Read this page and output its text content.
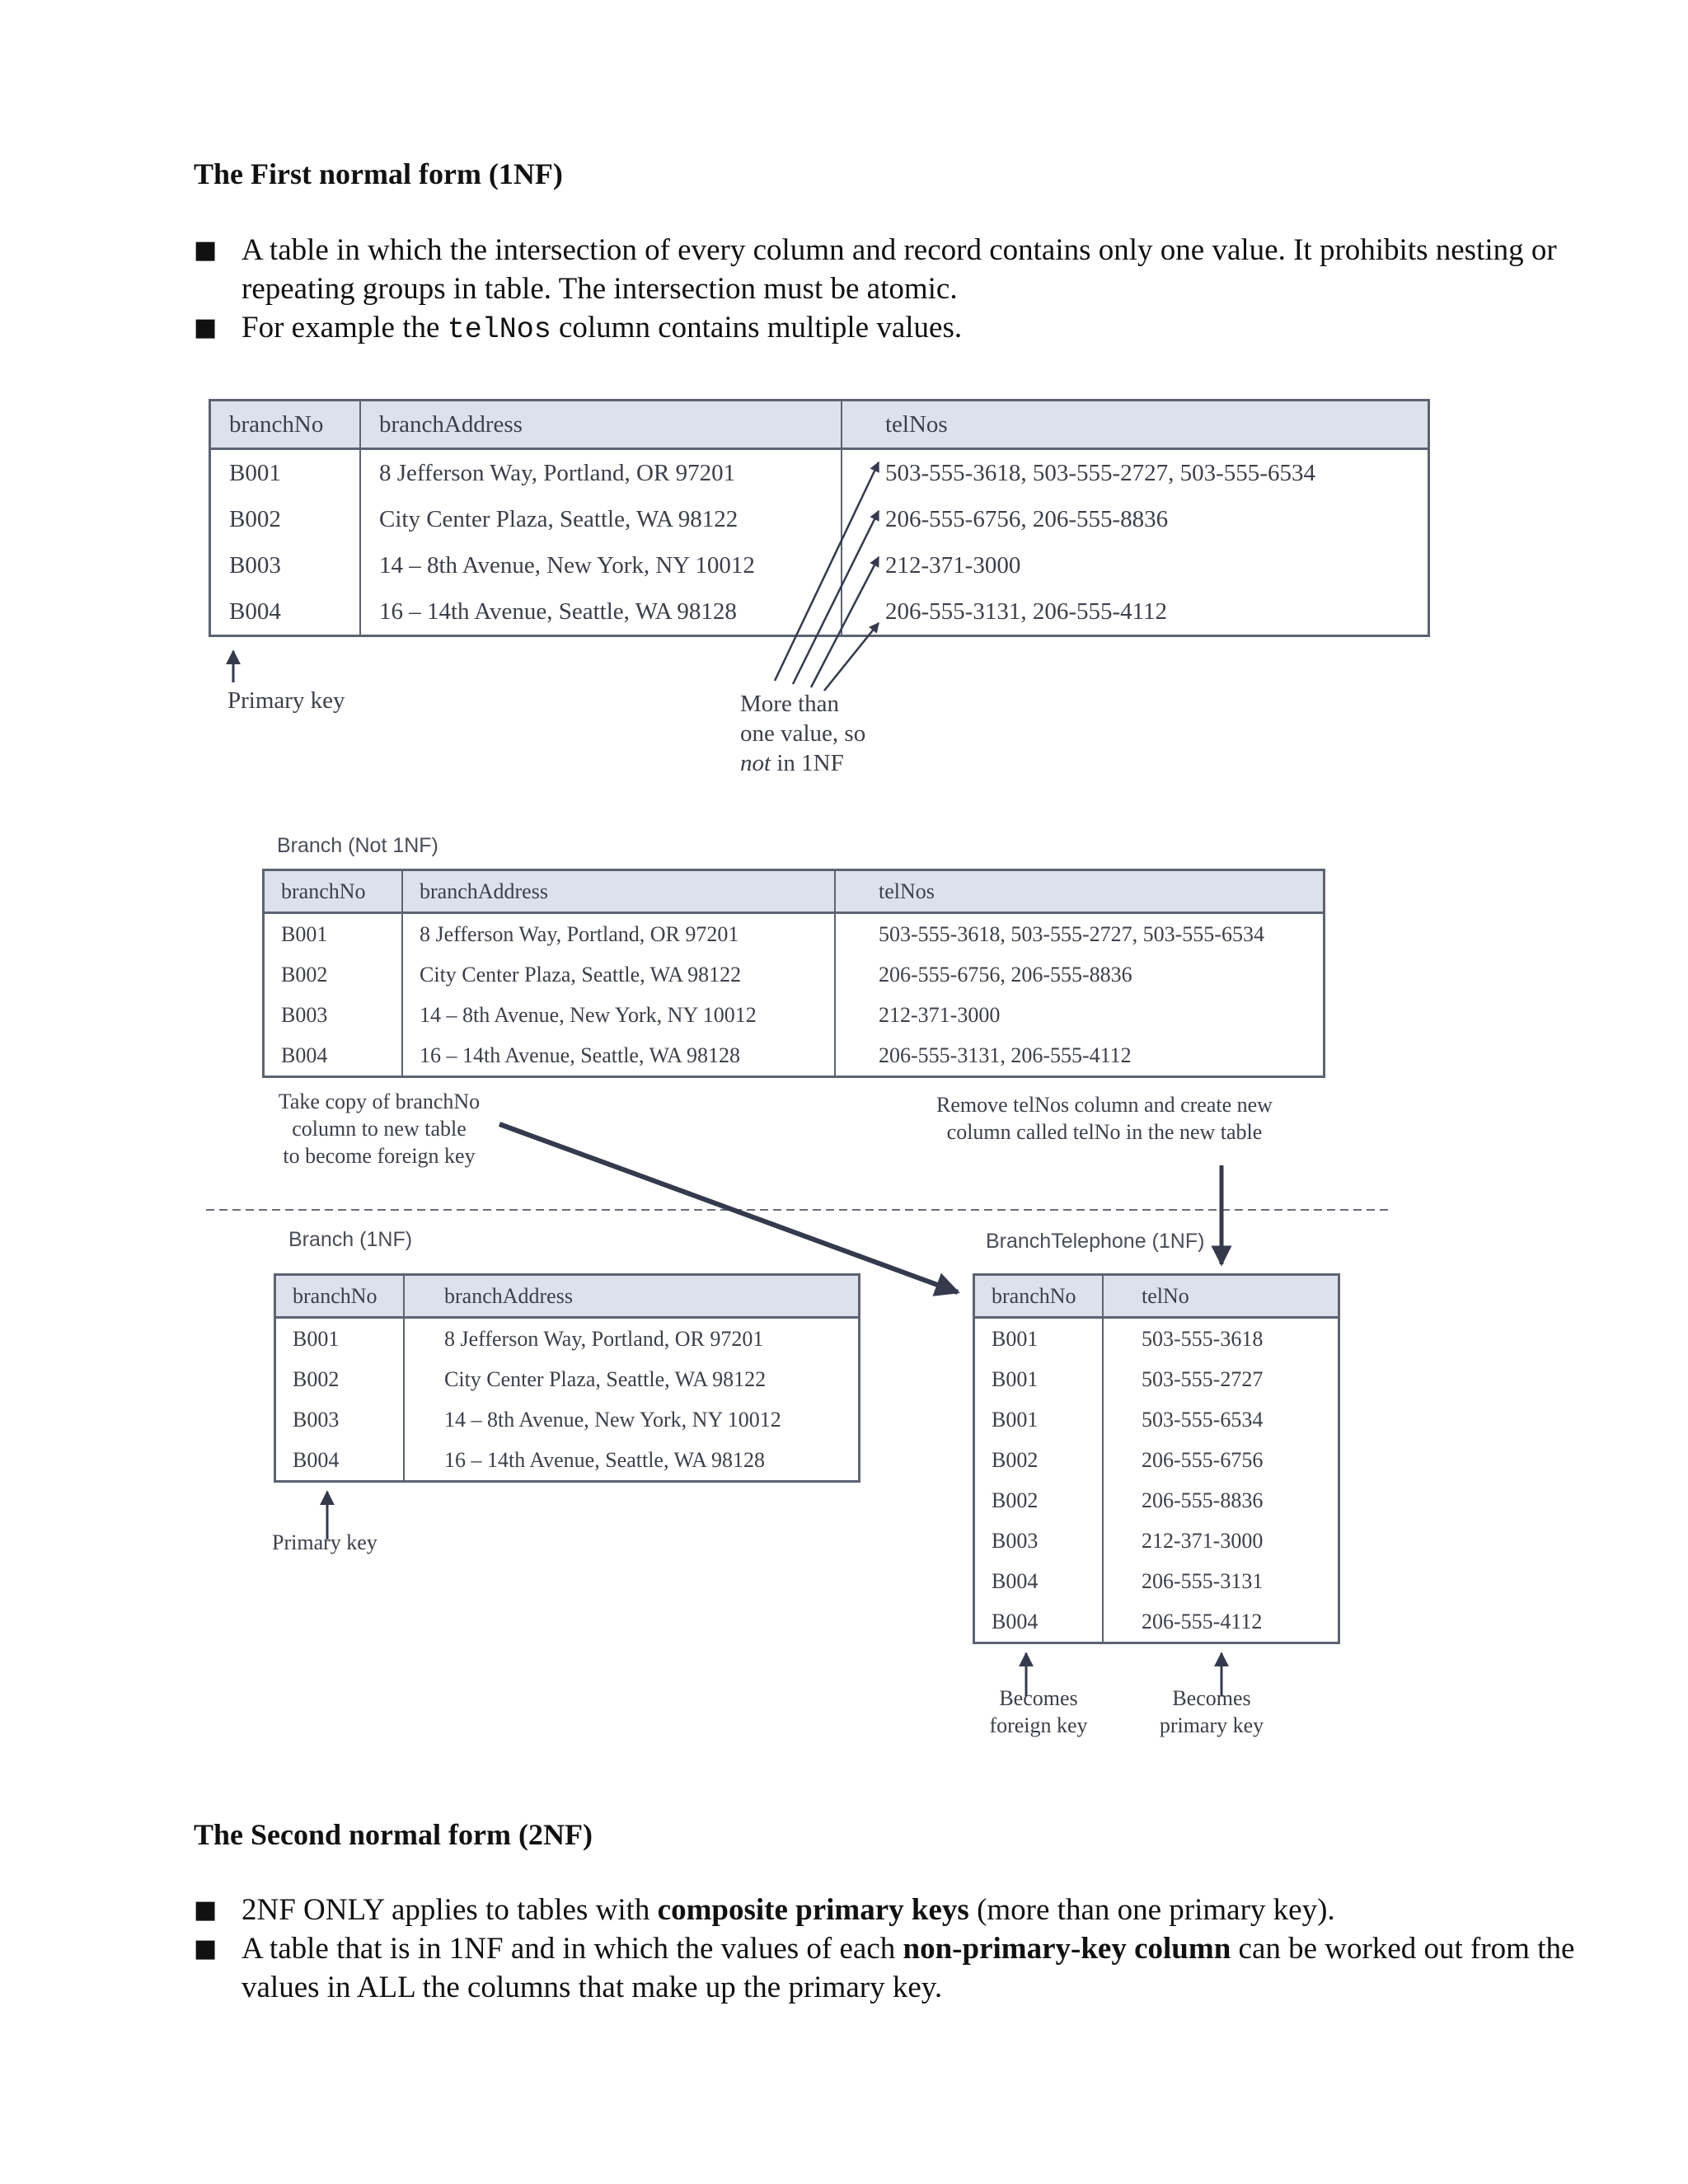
The First normal form (1NF)
■ A table in which the intersection of every column and record contains only one value. It prohibits nesting or repeating groups in table. The intersection must be atomic.
■ For example the telNos column contains multiple values.
branchNo	branchAddress	telNos
B001	8 Jefferson Way, Portland, OR 97201	503-555-3618, 503-555-2727, 503-555-6534
B002	City Center Plaza, Seattle, WA 98122	206-555-6756, 206-555-8836
B003	14 – 8th Avenue, New York, NY 10012	212-371-3000
B004	16 – 14th Avenue, Seattle, WA 98128	206-555-3131, 206-555-4112
Primary key	More than
one value, so
not in 1NF
Branch (Not 1NF)
branchNo	branchAddress	telNos
B001	8 Jefferson Way, Portland, OR 97201	503-555-3618, 503-555-2727, 503-555-6534
B002	City Center Plaza, Seattle, WA 98122	206-555-6756, 206-555-8836
B003	14 – 8th Avenue, New York, NY 10012	212-371-3000
B004	16 – 14th Avenue, Seattle, WA 98128	206-555-3131, 206-555-4112
Take copy of branchNo
column to new table
to become foreign key
Remove telNos column and create new
column called telNo in the new table
Branch (1NF)
branchNo	branchAddress
B001	8 Jefferson Way, Portland, OR 97201
B002	City Center Plaza, Seattle, WA 98122
B003	14 – 8th Avenue, New York, NY 10012
B004	16 – 14th Avenue, Seattle, WA 98128
Primary key
BranchTelephone (1NF)
branchNo	telNo
B001	503-555-3618
B001	503-555-2727
B001	503-555-6534
B002	206-555-6756
B002	206-555-8836
B003	212-371-3000
B004	206-555-3131
B004	206-555-4112
Becomes
foreign key
Becomes
primary key
The Second normal form (2NF)
■ 2NF ONLY applies to tables with composite primary keys (more than one primary key).
■ A table that is in 1NF and in which the values of each non-primary-key column can be worked out from the values in ALL the columns that make up the primary key.
